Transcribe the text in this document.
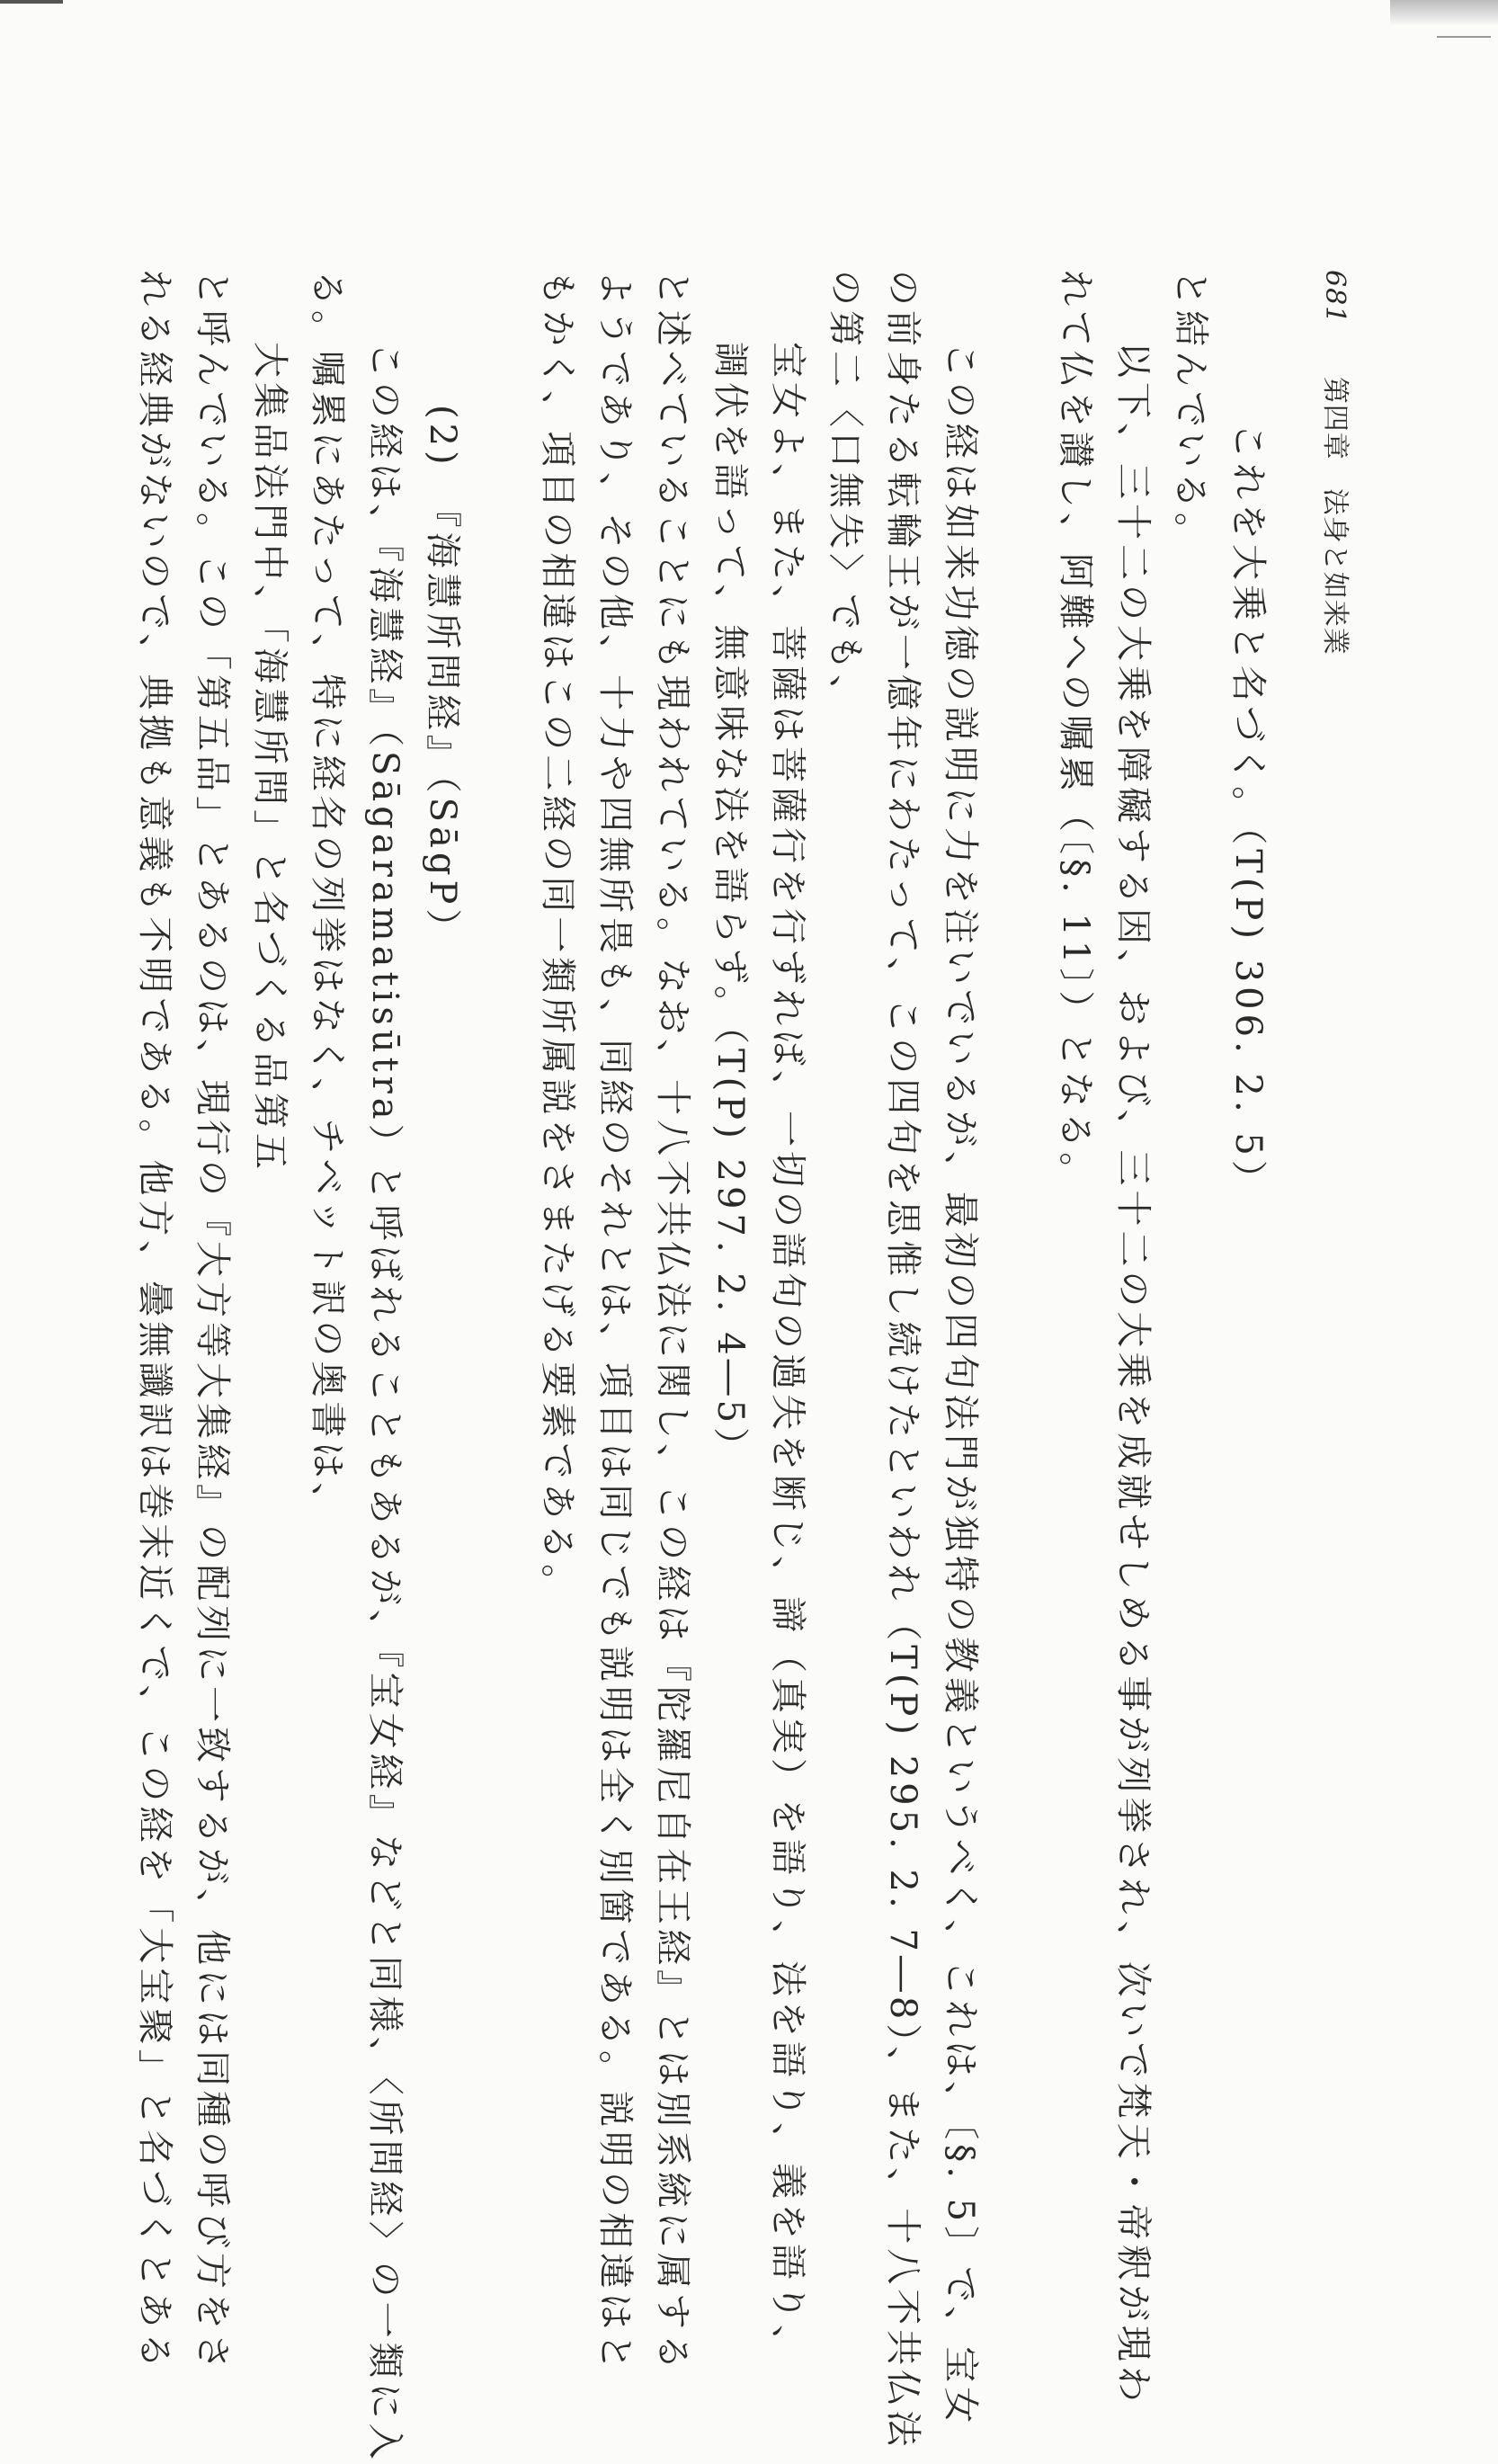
681 第四章　法身と如来業

これを大乗と名づく。（T(P) 306. 2. 5）

と結んでいる。

以下、三十二の大乗を障礙する因、および、三十二の大乗を成就せしめる事が列挙され、次いで梵天・帝釈が現わ

れて仏を讃し、阿難への嘱累（〔§. 11〕）となる。

この経は如来功徳の説明に力を注いでいるが、最初の四句法門が独特の教義というべく、これは、〔§. 5〕で、宝女

の前身たる転輪王が一億年にわたって、この四句を思惟し続けたといわれ（T(P) 295. 2. 7―8）、また、十八不共仏法

の第二〈口無失〉でも、

宝女よ、また、菩薩は菩薩行を行ずれば、一切の語句の過失を断じ、諦（真実）を語り、法を語り、義を語り、

調伏を語って、無意味な法を語らず。（T(P) 297. 2. 4―5）

と述べていることにも現われている。なお、十八不共仏法に関し、この経は『陀羅尼自在王経』とは別系統に属する

ようであり、その他、十力や四無所畏も、同経のそれとは、項目は同じでも説明は全く別箇である。説明の相違はと

もかく、項目の相違はこの二経の同一類所属説をさまたげる要素である。

(2)　『海慧所問経』（SāgP）

この経は、『海慧経』（Sāgaramatisūtra）と呼ばれることもあるが、『宝女経』などと同様、〈所問経〉の一類に入

る。嘱累にあたって、特に経名の列挙はなく、チベット訳の奥書は、

大集品法門中、「海慧所問」と名づくる品第五

と呼んでいる。この「第五品」とあるのは、現行の『大方等大集経』の配列に一致するが、他には同種の呼び方をさ

れる経典がないので、典拠も意義も不明である。他方、曇無讖訳は巻末近くで、この経を「大宝聚」と名づくとある
